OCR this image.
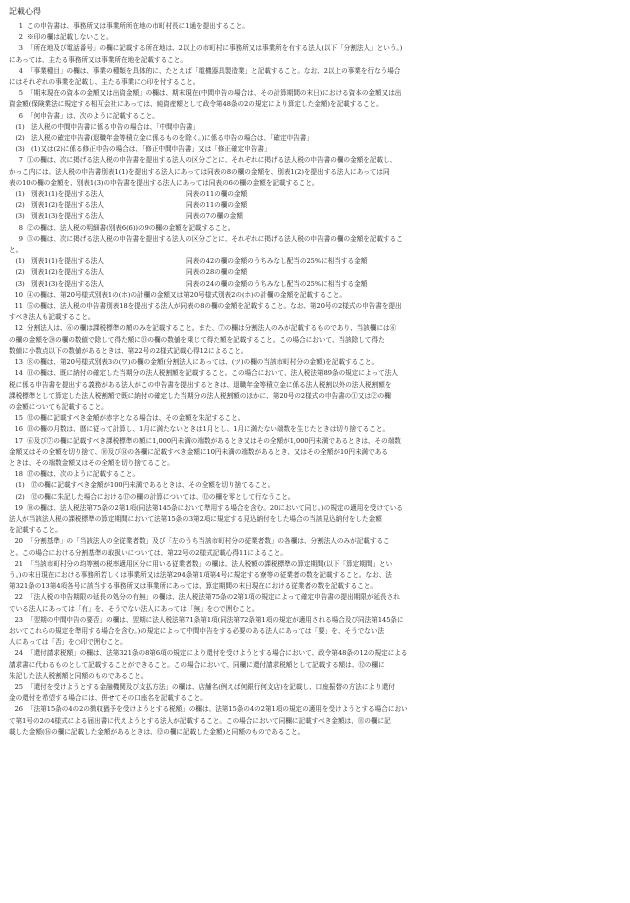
記載心得
1 この申告書は、事務所又は事業所所在地の市町村長に1通を提出すること。
2 ※印の欄は記載しないこと。
3 「所在地及び電話番号」の欄に記載する所在地は、2以上の市町村に事務所又は事業所を有する法人(以下「分割法人」という。)
にあっては、主たる事務所又は事業所在地を記載すること。
4 「事業種目」の欄は、事業の種類を具体的に、たとえば「電機器具製造業」と記載すること。なお、2以上の事業を行なう場合
にはそれぞれの事業を記載し、主たる事業に○印を付すること。
5 「期末現在の資本の金額又は出資金額」の欄は、期末現在(中間申告の場合は、その計算期間の末日)における資本の金額又は出
資金額(保険業法に規定する相互会社にあっては、純資産額として政令第48条の2の規定により算定した金額)を記載すること。
6 「何申告書」は、次のように記載すること。
(1) 法人税の中間申告書に係る申告の場合は、「中間申告書」
(2) 法人税の確定申告書(退職年金等積立金に係るものを除く。)に係る申告の場合は、「確定申告書」
(3) (1)又は(2)に係る修正申告の場合は、「修正中間申告書」又は「修正確定申告書」
7 ①の欄は、次に掲げる法人税の申告書を提出する法人の区分ごとに、それぞれに掲げる法人税の申告書の欄の金額を記載し、
かっこ内には、法人税の申告書別表1(1)を提出する法人にあっては同表の8の欄の金額を、別表1(2)を提出する法人にあっては同
表の10の欄の金額を、別表1(3)の申告書を提出する法人にあっては同表の6の欄の金額を記載すること。
(1) 別表1(1)を提出する法人	同表の11の欄の金額
(2) 別表1(2)を提出する法人	同表の11の欄の金額
(3) 別表1(3)を提出する法人	同表の7の欄の金額
8 ②の欄は、法人税の明細書(別表6(6))の9の欄の金額を記載すること。
9 ③の欄は、次に掲げる法人税の申告書を提出する法人の区分ごとに、それぞれに掲げる法人税の申告書の欄の金額を記載するこ
と。
(1) 別表1(1)を提出する法人	同表の42の欄の金額のうちみなし配当の25%に相当する金額
(2) 別表1(2)を提出する法人	同表の28の欄の金額
(3) 別表1(3)を提出する法人	同表の24の欄の金額のうちみなし配当の25%に相当する金額
10 ④の欄は、第20号様式別表1の(ホ)の計欄の金額又は第20号様式別表2の(ホ)の計欄の金額を記載すること。
11 ⑤の欄は、法人税の申告書別表18を提出する法人が同表の8の欄の金額を記載すること。なお、第20号の2様式の申告書を提出
すべき法人も記載すること。
12 分割法人は、⑥の欄は課税標準の額のみを記載すること。また、⑦の欄は分割法人のみが記載するものであり、当該欄には⑥
の欄の金額を⑳の欄の数値で除して得た額に㉑の欄の数値を乗じて得た額を記載すること。この場合において、当該除して得た
数値に小数点以下の数値があるときは、第22号の2様式記載心得12によること。
13 ⑧の欄は、第20号様式別表3の(ワ)の欄の金額(分割法人にあっては、(ツ)の欄の当該市町村分の金額)を記載すること。
14 ⑪の欄は、既に納付の確定した当期分の法人税割額を記載すること。この場合において、法人税法第89条の規定によって法人
税に係る申告書を提出する義務がある法人がこの申告書を提出するときは、退職年金等積立金に係る法人税割以外の法人税割額を
課税標準として算定した法人税割額で既に納付の確定した当期分の法人税割額のほかに、第20号の2様式の申告書の①又は②の欄
の金額についても記載すること。
15 ⑫の欄に記載すべき金額が赤字となる場合は、その金額を朱記すること。
16 ⑬の欄の月数は、暦に従って計算し、1月に満たないときは1月とし、1月に満たない端数を生じたときは切り捨てること。
17 ⑥及び⑦の欄に記載すべき課税標準の額に1,000円未満の端数があるとき又はその全額が1,000円未満であるときは、その端数
金額又はその全額を切り捨て、⑩及び⑭の各欄に記載すべき金額に10円未満の端数があるとき、又はその全額が10円未満である
ときは、その端数金額又はその全額を切り捨てること。
18 ⑰の欄は、次のように記載すること。
(1) ⑰の欄に記載すべき金額が100円未満であるときは、その全額を切り捨てること。
(2) ⑫の欄に朱記した場合における⑰の欄の計算については、⑫の欄を零として行なうこと。
19 ⑱の欄は、法人税法第75条の2第1項(同法第145条において準用する場合を含む。20において同じ。)の規定の適用を受けている
法人が当該法人税の課税標準の算定期間において法第15条の3第2項に規定する見込納付をした場合の当該見込納付をした金額
を記載すること。
20 「分割基準」の「当該法人の全従業者数」及び「左のうち当該市町村分の従業者数」の各欄は、分割法人のみが記載するこ
と。この場合における分割基準の取扱いについては、第22号の2様式記載心得11によること。
21 「当該市町村分の均等割の税率適用区分に用いる従業者数」の欄は、法人税額の課税標準の算定期間(以下「算定期間」とい
う。)の末日現在における事務所若しくは事業所又は法第294条第1項第4号に規定する寮等の従業者の数を記載すること。なお、法
第321条の13第4項各号に該当する事務所又は事業所にあっては、算定期間の末日現在における従業者の数を記載すること。
22 「法人税の申告期限の延長の処分の有無」の欄は、法人税法第75条の2第1項の規定によって確定申告書の提出期限が延長され
ている法人にあっては「有」を、そうでない法人にあっては「無」を○で囲むこと。
23 「翌期の中間申告の要否」の欄は、翌期に法人税法第71条第1項(同法第72条第1項の規定が適用される場合及び同法第145条に
おいてこれらの規定を準用する場合を含む。)の規定によって中間申告をする必要のある法人にあっては「要」を、そうでない法
人にあっては「否」を○印で囲むこと。
24 「還付請求税額」の欄は、法第321条の8第6項の規定により還付を受けようとする場合において、政令第48条の12の規定による
請求書に代わるものとして記載することができること。この場合において、同欄に還付請求税額として記載する額は、⑫の欄に
朱記した法人税割額と同額のものであること。
25 「還付を受けようとする金融機関及び支払方法」の欄は、店舗名(例えば何銀行何支店)を記載し、口座振替の方法により還付
金の還付を希望する場合には、併せてその口座名を記載すること。
26 「法第15条の4の2の徴収猶予を受けようとする税額」の欄は、法第15条の4の2第1項の規定の適用を受けようとする場合におい
て第1号の2の4様式による届出書に代えようとする法人が記載すること。この場合において同欄に記載すべき金額は、⑪の欄に記
載した金額(⑯の欄に記載した金額があるときは、⑫の欄に記載した金額)と同額のものであること。
